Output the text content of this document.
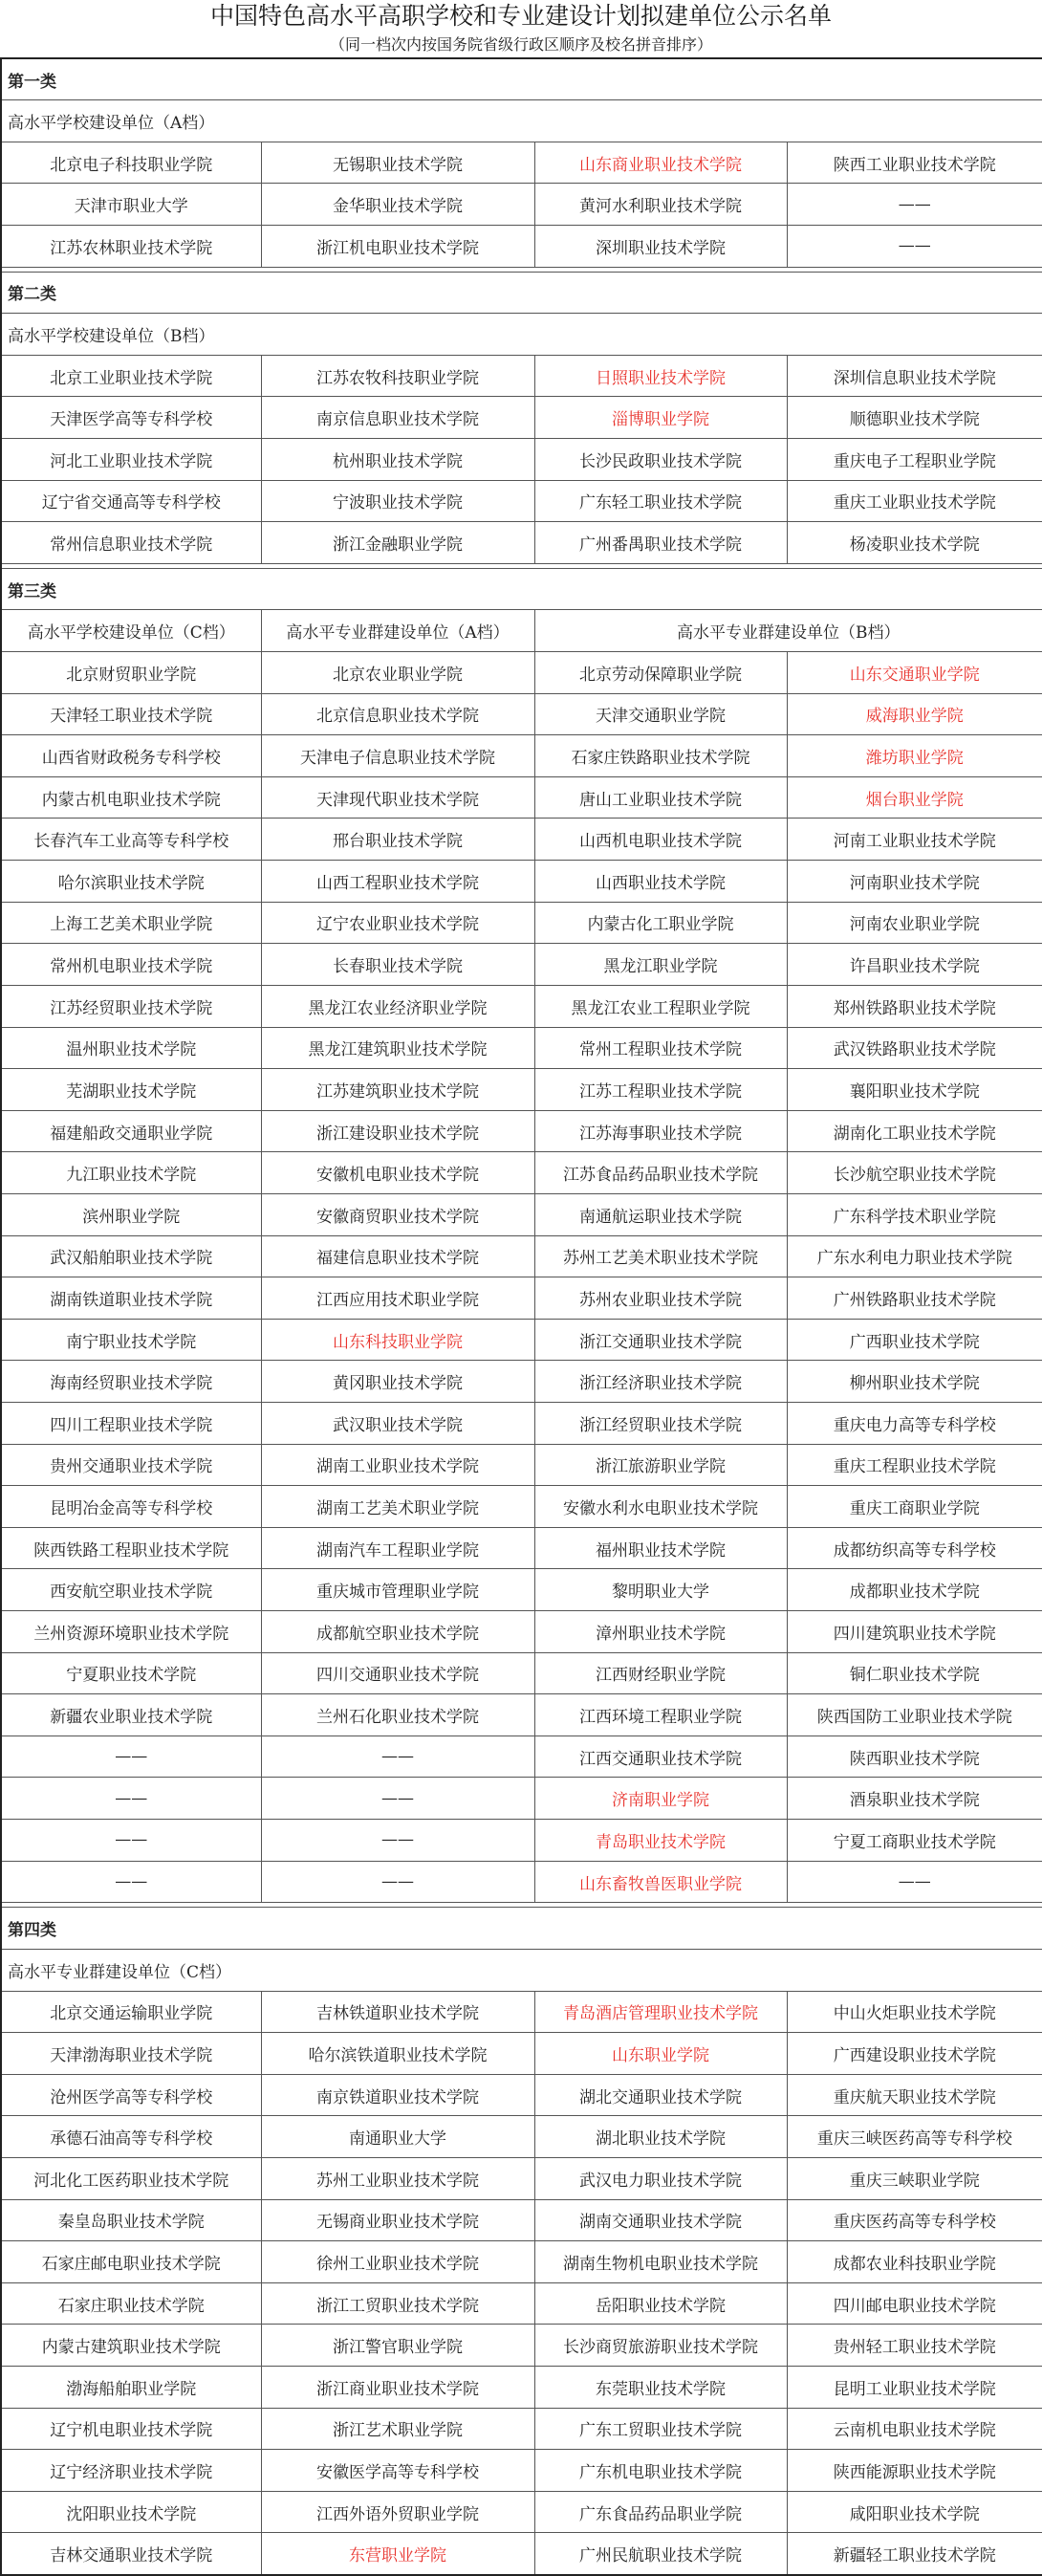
中国特色高水平高职学校和专业建设计划拟建单位公示名单
（同一档次内按国务院省级行政区顺序及校名拼音排序）
第一类			
高水平学校建设单位（A档）			
北京电子科技职业学院	无锡职业技术学院	山东商业职业技术学院	陕西工业职业技术学院
天津市职业大学	金华职业技术学院	黄河水利职业技术学院	——
江苏农林职业技术学院	浙江机电职业技术学院	深圳职业技术学院	——

第二类			
高水平学校建设单位（B档）			
北京工业职业技术学院	江苏农牧科技职业学院	日照职业技术学院	深圳信息职业技术学院
天津医学高等专科学校	南京信息职业技术学院	淄博职业学院	顺德职业技术学院
河北工业职业技术学院	杭州职业技术学院	长沙民政职业技术学院	重庆电子工程职业学院
辽宁省交通高等专科学校	宁波职业技术学院	广东轻工职业技术学院	重庆工业职业技术学院
常州信息职业技术学院	浙江金融职业学院	广州番禺职业技术学院	杨凌职业技术学院

第三类			
高水平学校建设单位（C档）	高水平专业群建设单位（A档）	高水平专业群建设单位（B档）	
北京财贸职业学院	北京农业职业学院	北京劳动保障职业学院	山东交通职业学院
天津轻工职业技术学院	北京信息职业技术学院	天津交通职业学院	威海职业学院
山西省财政税务专科学校	天津电子信息职业技术学院	石家庄铁路职业技术学院	潍坊职业学院
内蒙古机电职业技术学院	天津现代职业技术学院	唐山工业职业技术学院	烟台职业学院
长春汽车工业高等专科学校	邢台职业技术学院	山西机电职业技术学院	河南工业职业技术学院
哈尔滨职业技术学院	山西工程职业技术学院	山西职业技术学院	河南职业技术学院
上海工艺美术职业学院	辽宁农业职业技术学院	内蒙古化工职业学院	河南农业职业学院
常州机电职业技术学院	长春职业技术学院	黑龙江职业学院	许昌职业技术学院
江苏经贸职业技术学院	黑龙江农业经济职业学院	黑龙江农业工程职业学院	郑州铁路职业技术学院
温州职业技术学院	黑龙江建筑职业技术学院	常州工程职业技术学院	武汉铁路职业技术学院
芜湖职业技术学院	江苏建筑职业技术学院	江苏工程职业技术学院	襄阳职业技术学院
福建船政交通职业学院	浙江建设职业技术学院	江苏海事职业技术学院	湖南化工职业技术学院
九江职业技术学院	安徽机电职业技术学院	江苏食品药品职业技术学院	长沙航空职业技术学院
滨州职业学院	安徽商贸职业技术学院	南通航运职业技术学院	广东科学技术职业学院
武汉船舶职业技术学院	福建信息职业技术学院	苏州工艺美术职业技术学院	广东水利电力职业技术学院
湖南铁道职业技术学院	江西应用技术职业学院	苏州农业职业技术学院	广州铁路职业技术学院
南宁职业技术学院	山东科技职业学院	浙江交通职业技术学院	广西职业技术学院
海南经贸职业技术学院	黄冈职业技术学院	浙江经济职业技术学院	柳州职业技术学院
四川工程职业技术学院	武汉职业技术学院	浙江经贸职业技术学院	重庆电力高等专科学校
贵州交通职业技术学院	湖南工业职业技术学院	浙江旅游职业学院	重庆工程职业技术学院
昆明冶金高等专科学校	湖南工艺美术职业学院	安徽水利水电职业技术学院	重庆工商职业学院
陕西铁路工程职业技术学院	湖南汽车工程职业学院	福州职业技术学院	成都纺织高等专科学校
西安航空职业技术学院	重庆城市管理职业学院	黎明职业大学	成都职业技术学院
兰州资源环境职业技术学院	成都航空职业技术学院	漳州职业技术学院	四川建筑职业技术学院
宁夏职业技术学院	四川交通职业技术学院	江西财经职业学院	铜仁职业技术学院
新疆农业职业技术学院	兰州石化职业技术学院	江西环境工程职业学院	陕西国防工业职业技术学院
——	——	江西交通职业技术学院	陕西职业技术学院
——	——	济南职业学院	酒泉职业技术学院
——	——	青岛职业技术学院	宁夏工商职业技术学院
——	——	山东畜牧兽医职业学院	——

第四类			
高水平专业群建设单位（C档）			
北京交通运输职业学院	吉林铁道职业技术学院	青岛酒店管理职业技术学院	中山火炬职业技术学院
天津渤海职业技术学院	哈尔滨铁道职业技术学院	山东职业学院	广西建设职业技术学院
沧州医学高等专科学校	南京铁道职业技术学院	湖北交通职业技术学院	重庆航天职业技术学院
承德石油高等专科学校	南通职业大学	湖北职业技术学院	重庆三峡医药高等专科学校
河北化工医药职业技术学院	苏州工业职业技术学院	武汉电力职业技术学院	重庆三峡职业学院
秦皇岛职业技术学院	无锡商业职业技术学院	湖南交通职业技术学院	重庆医药高等专科学校
石家庄邮电职业技术学院	徐州工业职业技术学院	湖南生物机电职业技术学院	成都农业科技职业学院
石家庄职业技术学院	浙江工贸职业技术学院	岳阳职业技术学院	四川邮电职业技术学院
内蒙古建筑职业技术学院	浙江警官职业学院	长沙商贸旅游职业技术学院	贵州轻工职业技术学院
渤海船舶职业学院	浙江商业职业技术学院	东莞职业技术学院	昆明工业职业技术学院
辽宁机电职业技术学院	浙江艺术职业学院	广东工贸职业技术学院	云南机电职业技术学院
辽宁经济职业技术学院	安徽医学高等专科学校	广东机电职业技术学院	陕西能源职业技术学院
沈阳职业技术学院	江西外语外贸职业学院	广东食品药品职业学院	咸阳职业技术学院
吉林交通职业技术学院	东营职业学院	广州民航职业技术学院	新疆轻工职业技术学院
